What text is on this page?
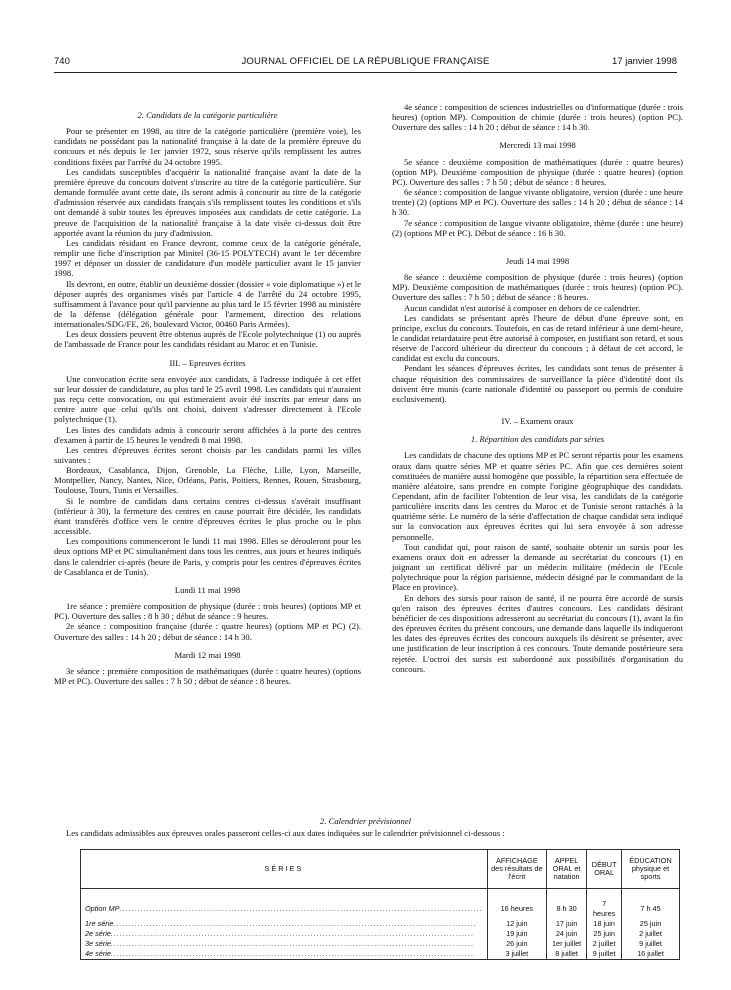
740	JOURNAL OFFICIEL DE LA RÉPUBLIQUE FRANÇAISE	17 janvier 1998
2. Candidats de la catégorie particulière

Pour se présenter en 1998, au titre de la catégorie particulière (première voie), les candidats ne possédant pas la nationalité française à la date de la première épreuve du concours et nés depuis le 1er janvier 1972, sous réserve qu'ils remplissent les autres conditions fixées par l'arrêté du 24 octobre 1995.

Les candidats susceptibles d'acquérir la nationalité française avant la date de la première épreuve du concours doivent s'inscrire au titre de la catégorie particulière. Sur demande formulée avant cette date, ils seront admis à concourir au titre de la catégorie d'admission réservée aux candidats français s'ils remplissent toutes les conditions et s'ils ont demandé à subir toutes les épreuves imposées aux candidats de cette catégorie. La preuve de l'acquisition de la nationalité française à la date visée ci-dessus doit être apportée avant la réunion du jury d'admission.

Les candidats résidant en France devront, comme ceux de la catégorie générale, remplir une fiche d'inscription par Minitel (36-15 POLYTECH) avant le 1er décembre 1997 et déposer un dossier de candidature d'un modèle particulier avant le 15 janvier 1998.

Ils devront, en outre, établir un deuxième dossier (dossier « voie diplomatique ») et le déposer auprès des organismes visés par l'article 4 de l'arrêté du 24 octobre 1995, suffisamment à l'avance pour qu'il parvienne au plus tard le 15 février 1998 au ministère de la défense (délégation générale pour l'armement, direction des relations internationales/SDG/FE, 26, boulevard Victor, 00460 Paris Armées).

Les deux dossiers peuvent être obtenus auprès de l'Ecole polytechnique (1) ou auprès de l'ambassade de France pour les candidats résidant au Maroc et en Tunisie.

III. – Epreuves écrites

Une convocation écrite sera envoyée aux candidats, à l'adresse indiquée à cet effet sur leur dossier de candidature, au plus tard le 25 avril 1998. Les candidats qui n'auraient pas reçu cette convocation, ou qui estimeraient avoir été inscrits par erreur dans un centre autre que celui qu'ils ont choisi, doivent s'adresser directement à l'Ecole polytechnique (1).

Les listes des candidats admis à concourir seront affichées à la porte des centres d'examen à partir de 15 heures le vendredi 8 mai 1998.

Les centres d'épreuves écrites seront choisis par les candidats parmi les villes suivantes :

Bordeaux, Casablanca, Dijon, Grenoble, La Flèche, Lille, Lyon, Marseille, Montpellier, Nancy, Nantes, Nice, Orléans, Paris, Poitiers, Rennes, Rouen, Strasbourg, Toulouse, Tours, Tunis et Versailles.

Si le nombre de candidats dans certains centres ci-dessus s'avérait insuffisant (inférieur à 30), la fermeture des centres en cause pourrait être décidée, les candidats étant transférés d'office vers le centre d'épreuves écrites le plus proche ou le plus accessible.

Les compositions commenceront le lundi 11 mai 1998. Elles se dérouleront pour les deux options MP et PC simultanément dans tous les centres, aux jours et heures indiqués dans le calendrier ci-après (heure de Paris, y compris pour les centres d'épreuves écrites de Casablanca et de Tunis).

Lundi 11 mai 1998

1re séance : première composition de physique (durée : trois heures) (options MP et PC). Ouverture des salles : 8 h 30 ; début de séance : 9 heures.

2e séance : composition française (durée : quatre heures) (options MP et PC) (2). Ouverture des salles : 14 h 20 ; début de séance : 14 h 30.

Mardi 12 mai 1998

3e séance : première composition de mathématiques (durée : quatre heures) (options MP et PC). Ouverture des salles : 7 h 50 ; début de séance : 8 heures.

4e séance : composition de sciences industrielles ou d'informatique (durée : trois heures) (option MP). Composition de chimie (durée : trois heures) (option PC). Ouverture des salles : 14 h 20 ; début de séance : 14 h 30.

Mercredi 13 mai 1998

5e séance : deuxième composition de mathématiques (durée : quatre heures) (option MP). Deuxième composition de physique (durée : quatre heures) (option PC). Ouverture des salles : 7 h 50 ; début de séance : 8 heures.

6e séance : composition de langue vivante obligatoire, version (durée : une heure trente) (2) (options MP et PC). Ouverture des salles : 14 h 20 ; début de séance : 14 h 30.

7e séance : composition de langue vivante obligatoire, thème (durée : une heure) (2) (options MP et PC). Début de séance : 16 h 30.

Jeudi 14 mai 1998

8e séance : deuxième composition de physique (durée : trois heures) (option MP). Deuxième composition de mathématiques (durée : trois heures) (option PC). Ouverture des salles : 7 h 50 ; début de séance : 8 heures.

Aucun candidat n'est autorisé à composer en dehors de ce calendrier.

Les candidats se présentant après l'heure de début d'une épreuve sont, en principe, exclus du concours. Toutefois, en cas de retard inférieur à une demi-heure, le candidat retardataire peut être autorisé à composer, en justifiant son retard, et sous réserve de l'accord ultérieur du directeur du concours ; à défaut de cet accord, le candidat est exclu du concours.

Pendant les séances d'épreuves écrites, les candidats sont tenus de présenter à chaque réquisition des commissaires de surveillance la pièce d'identité dont ils doivent être munis (carte nationale d'identité ou passeport ou permis de conduire exclusivement).

IV. – Examens oraux
1. Répartition des candidats par séries

Les candidats de chacune des options MP et PC seront répartis pour les examens oraux dans quatre séries MP et quatre séries PC. Afin que ces dernières soient constituées de manière aussi homogène que possible, la répartition sera effectuée de manière aléatoire, sans prendre en compte l'origine géographique des candidats. Cependant, afin de faciliter l'obtention de leur visa, les candidats de la catégorie particulière inscrits dans les centres du Maroc et de Tunisie seront rattachés à la quatrième série. Le numéro de la série d'affectation de chaque candidat sera indiqué sur la convocation aux épreuves écrites qui lui sera envoyée à son adresse personnelle.

Tout candidat qui, pour raison de santé, souhaite obtenir un sursis pour les examens oraux doit en adresser la demande au secrétariat du concours (1) en joignant un certificat délivré par un médecin militaire (médecin de l'Ecole polytechnique pour la région parisienne, médecin désigné par le commandant de la Place en province).

En dehors des sursis pour raison de santé, il ne pourra être accordé de sursis qu'en raison des épreuves écrites d'autres concours. Les candidats désirant bénéficier de ces dispositions adresseront au secrétariat du concours (1), avant la fin des épreuves écrites du présent concours, une demande dans laquelle ils indiqueront les dates des épreuves écrites des concours auxquels ils désirent se présenter, avec une justification de leur inscription à ces concours. Toute demande postérieure sera rejetée. L'octroi des sursis est subordonné aux possibilités d'organisation du concours.

2. Calendrier prévisionnel

Les candidats admissibles aux épreuves orales passeront celles-ci aux dates indiquées sur le calendrier prévisionnel ci-dessous :

SÉRIES	AFFICHAGE des résultats de l'écrit	APPEL ORAL et natation	DÉBUT ORAL	ÉDUCATION physique et sports
Option MP........................................................................................................................	16 heures	8 h 30	7 heures	7 h 45
1re série........................................................................................................................	12 juin	17 juin	18 juin	25 juin
2e série........................................................................................................................	19 juin	24 juin	25 juin	2 juillet
3e série........................................................................................................................	26 juin	1er juillet	2 juillet	9 juillet
4e série........................................................................................................................	3 juillet	8 juillet	9 juillet	16 juillet
